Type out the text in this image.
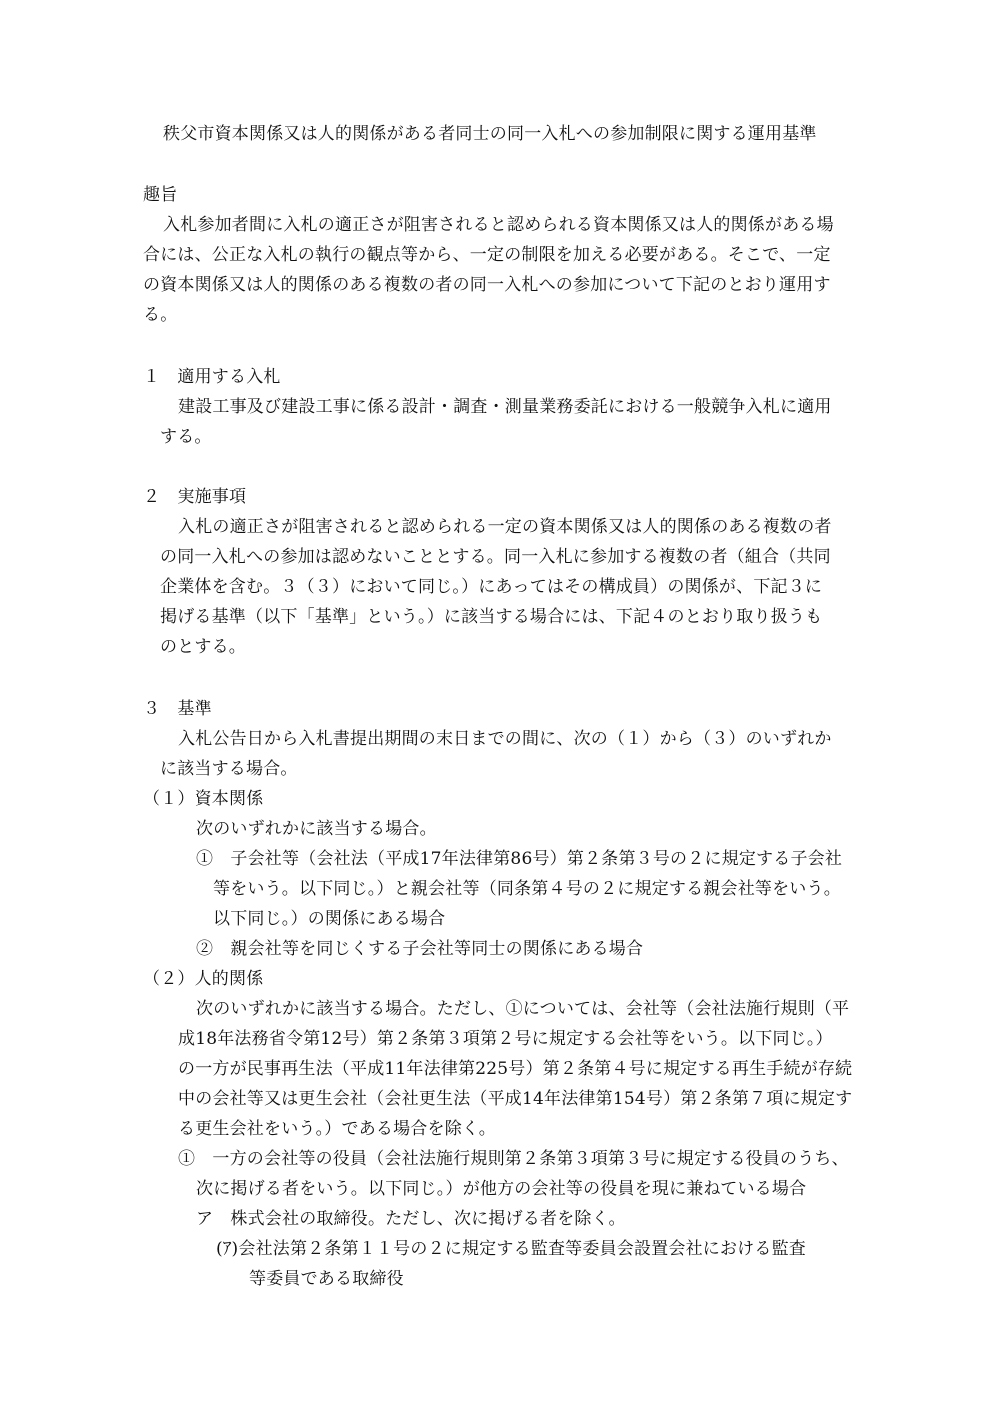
秩父市資本関係又は人的関係がある者同士の同一入札への参加制限に関する運用基準
趣旨
入札参加者間に入札の適正さが阻害されると認められる資本関係又は人的関係がある場
合には、公正な入札の執行の観点等から、一定の制限を加える必要がある。そこで、一定
の資本関係又は人的関係のある複数の者の同一入札への参加について下記のとおり運用す
る。
１　適用する入札
建設工事及び建設工事に係る設計・調査・測量業務委託における一般競争入札に適用
する。
２　実施事項
入札の適正さが阻害されると認められる一定の資本関係又は人的関係のある複数の者
の同一入札への参加は認めないこととする。同一入札に参加する複数の者（組合（共同
企業体を含む。３（３）において同じ。）にあってはその構成員）の関係が、下記３に
掲げる基準（以下「基準」という。）に該当する場合には、下記４のとおり取り扱うも
のとする。
３　基準
入札公告日から入札書提出期間の末日までの間に、次の（１）から（３）のいずれか
に該当する場合。
（１）資本関係
次のいずれかに該当する場合。
①　子会社等（会社法（平成17年法律第86号）第２条第３号の２に規定する子会社
等をいう。以下同じ。）と親会社等（同条第４号の２に規定する親会社等をいう。
以下同じ。）の関係にある場合
②　親会社等を同じくする子会社等同士の関係にある場合
（２）人的関係
次のいずれかに該当する場合。ただし、①については、会社等（会社法施行規則（平
成18年法務省令第12号）第２条第３項第２号に規定する会社等をいう。以下同じ。）
の一方が民事再生法（平成11年法律第225号）第２条第４号に規定する再生手続が存続
中の会社等又は更生会社（会社更生法（平成14年法律第154号）第２条第７項に規定す
る更生会社をいう。）である場合を除く。
①　一方の会社等の役員（会社法施行規則第２条第３項第３号に規定する役員のうち、
次に掲げる者をいう。以下同じ。）が他方の会社等の役員を現に兼ねている場合
ア　株式会社の取締役。ただし、次に掲げる者を除く。
(ｱ)会社法第２条第１１号の２に規定する監査等委員会設置会社における監査
等委員である取締役
